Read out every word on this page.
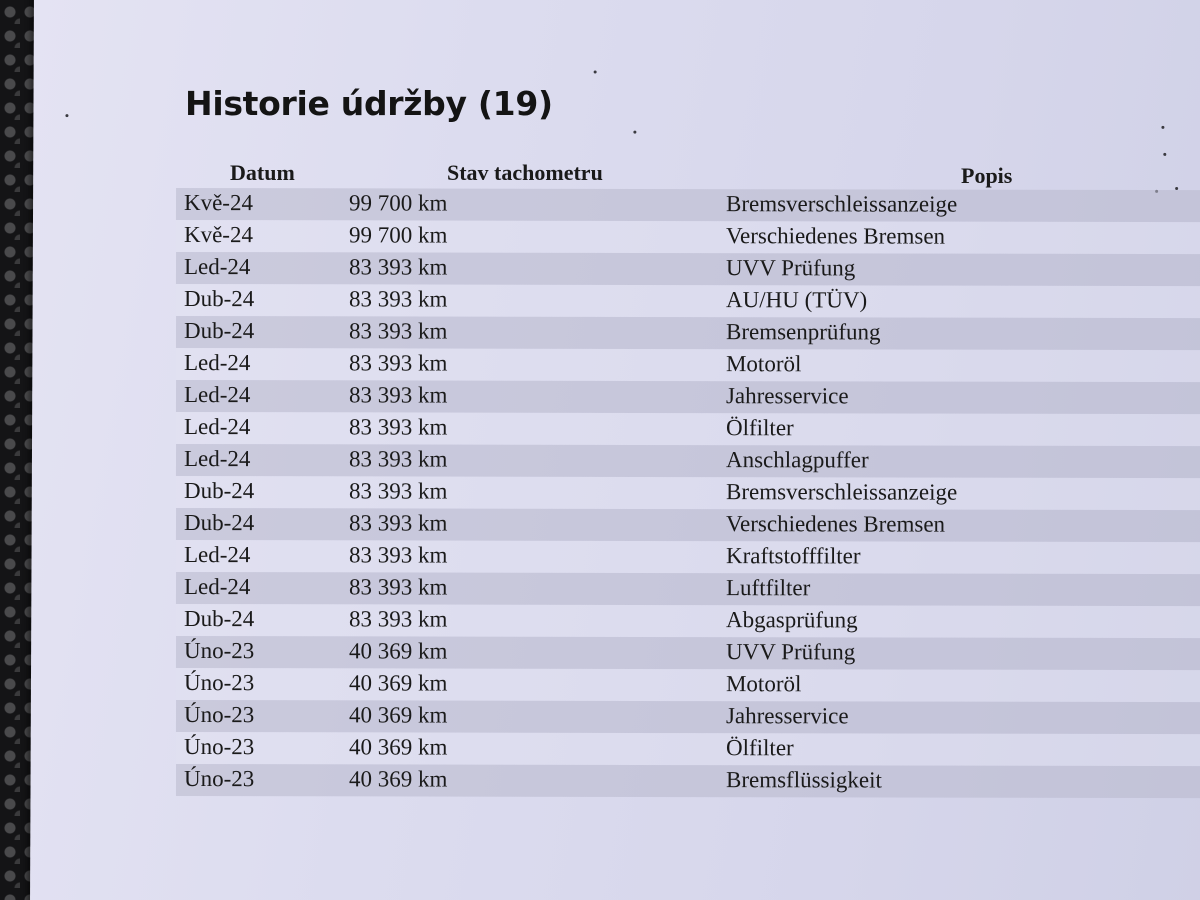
Historie údržby (19)
Datum	Stav tachometru	Popis
Kvě-24	99 700 km	Bremsverschleissanzeige
Kvě-24	99 700 km	Verschiedenes Bremsen
Led-24	83 393 km	UVV Prüfung
Dub-24	83 393 km	AU/HU (TÜV)
Dub-24	83 393 km	Bremsenprüfung
Led-24	83 393 km	Motoröl
Led-24	83 393 km	Jahresservice
Led-24	83 393 km	Ölfilter
Led-24	83 393 km	Anschlagpuffer
Dub-24	83 393 km	Bremsverschleissanzeige
Dub-24	83 393 km	Verschiedenes Bremsen
Led-24	83 393 km	Kraftstofffilter
Led-24	83 393 km	Luftfilter
Dub-24	83 393 km	Abgasprüfung
Úno-23	40 369 km	UVV Prüfung
Úno-23	40 369 km	Motoröl
Úno-23	40 369 km	Jahresservice
Úno-23	40 369 km	Ölfilter
Úno-23	40 369 km	Bremsflüssigkeit
